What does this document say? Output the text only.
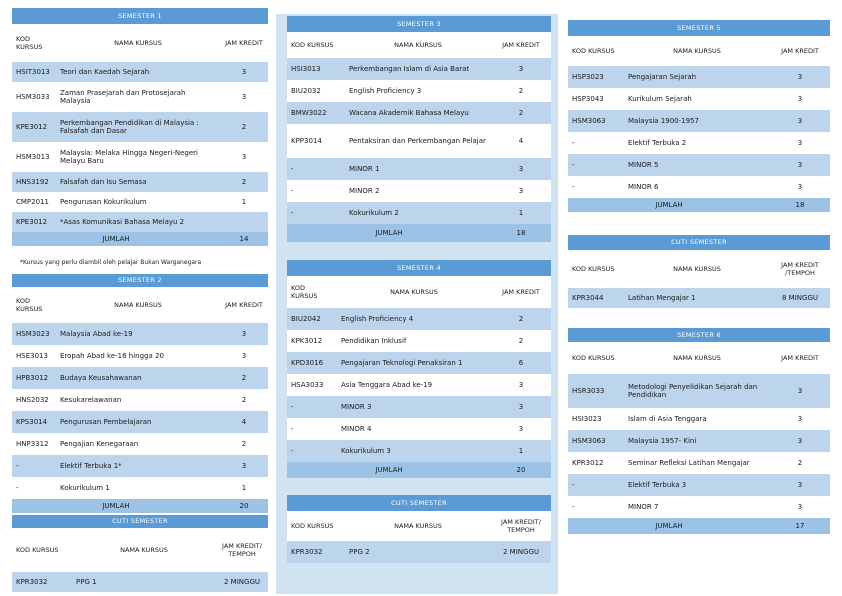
SEMESTER 1
KOD KURSUS	NAMA KURSUS	JAM KREDIT
HSIT3013	Teori dan Kaedah Sejarah	3
HSM3033	Zaman Prasejarah dan Protosejarah Malaysia	3
KPE3012	Perkembangan Pendidikan di Malaysia : Falsafah dan Dasar	2
HSM3013	Malaysia: Melaka Hingga Negeri-Negeri Melayu Baru	3
HNS3192	Falsafah dan Isu Semasa	2
CMP2011	Pengurusan Kokurikulum	1
KPE3012	*Asas Komunikasi Bahasa Melayu 2
JUMLAH	14
*Kursus yang perlu diambil oleh pelajar Bukan Warganegara
SEMESTER 2
KOD KURSUS	NAMA KURSUS	JAM KREDIT
HSM3023	Malaysia Abad ke-19	3
HSE3013	Eropah Abad ke-16 hingga 20	3
HPB3012	Budaya Keusahawanan	2
HNS2032	Kesukarelawanan	2
KPS3014	Pengurusan Pembelajaran	4
HNP3312	Pengajian Kenegaraan	2
-	Elektif Terbuka 1*	3
-	Kokurikulum 1	1
JUMLAH	20
CUTI SEMESTER
KOD KURSUS	NAMA KURSUS	JAM KREDIT/ TEMPOH
KPR3032	PPG 1	2 MINGGU
SEMESTER 3
KOD KURSUS	NAMA KURSUS	JAM KREDIT
HSI3013	Perkembangan Islam di Asia Barat	3
BIU2032	English Proficiency 3	2
BMW3022	Wacana Akademik Bahasa Melayu	2
KPP3014	Pentaksiran dan Perkembangan Pelajar	4
-	MINOR 1	3
-	MINOR 2	3
-	Kokurikulum 2	1
JUMLAH	18
SEMESTER 4
KOD KURSUS	NAMA KURSUS	JAM KREDIT
BIU2042	English Proficiency 4	2
KPK3012	Pendidikan Inklusif	2
KPD3016	Pengajaran Teknologi Penaksiran 1	6
HSA3033	Asia Tenggara Abad ke-19	3
-	MINOR 3	3
-	MINOR 4	3
-	Kokurikulum 3	1
JUMLAH	20
CUTI SEMESTER
KOD KURSUS	NAMA KURSUS	JAM KREDIT/ TEMPOH
KPR3032	PPG 2	2 MINGGU
SEMESTER 5
KOD KURSUS	NAMA KURSUS	JAM KREDIT
HSP3023	Pengajaran Sejarah	3
HSP3043	Kurikulum Sejarah	3
HSM3063	Malaysia 1900-1957	3
-	Elektif Terbuka 2	3
-	MINOR 5	3
-	MINOR 6	3
JUMLAH	18
CUTI SEMESTER
KOD KURSUS	NAMA KURSUS	JAM KREDIT /TEMPOH
KPR3044	Latihan Mengajar 1	8 MINGGU
SEMESTER 6
KOD KURSUS	NAMA KURSUS	JAM KREDIT
HSR3033	Metodologi Penyelidikan Sejarah dan Pendidikan	3
HSI3023	Islam di Asia Tenggara	3
HSM3063	Malaysia 1957- Kini	3
KPR3012	Seminar Refleksi Latihan Mengajar	2
-	Elektif Terbuka 3	3
-	MINOR 7	3
JUMLAH	17
